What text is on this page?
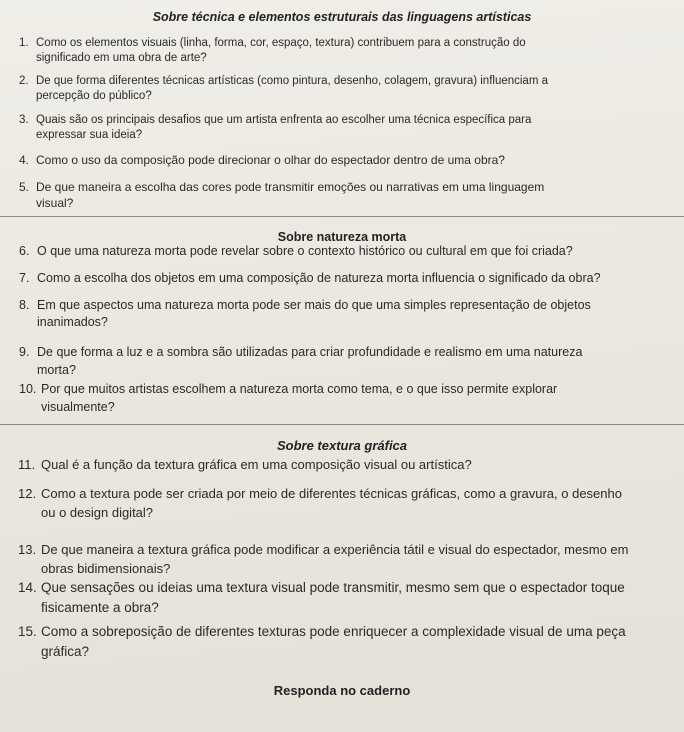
Sobre técnica e elementos estruturais das linguagens artísticas
Sobre natureza morta
Sobre textura gráfica
1. Como os elementos visuais (linha, forma, cor, espaço, textura) contribuem para a construção do
significado em uma obra de arte?
2. De que forma diferentes técnicas artísticas (como pintura, desenho, colagem, gravura) influenciam a
percepção do público?
3. Quais são os principais desafios que um artista enfrenta ao escolher uma técnica específica para
expressar sua ideia?
4. Como o uso da composição pode direcionar o olhar do espectador dentro de uma obra?
5. De que maneira a escolha das cores pode transmitir emoções ou narrativas em uma linguagem
visual?
6. O que uma natureza morta pode revelar sobre o contexto histórico ou cultural em que foi criada?
7. Como a escolha dos objetos em uma composição de natureza morta influencia o significado da obra?
8. Em que aspectos uma natureza morta pode ser mais do que uma simples representação de objetos
inanimados?
9. De que forma a luz e a sombra são utilizadas para criar profundidade e realismo em uma natureza
morta?
10. Por que muitos artistas escolhem a natureza morta como tema, e o que isso permite explorar
visualmente?
11. Qual é a função da textura gráfica em uma composição visual ou artística?
12. Como a textura pode ser criada por meio de diferentes técnicas gráficas, como a gravura, o desenho
ou o design digital?
13. De que maneira a textura gráfica pode modificar a experiência tátil e visual do espectador, mesmo em
obras bidimensionais?
14. Que sensações ou ideias uma textura visual pode transmitir, mesmo sem que o espectador toque
fisicamente a obra?
15. Como a sobreposição de diferentes texturas pode enriquecer a complexidade visual de uma peça
gráfica?
Responda no caderno
